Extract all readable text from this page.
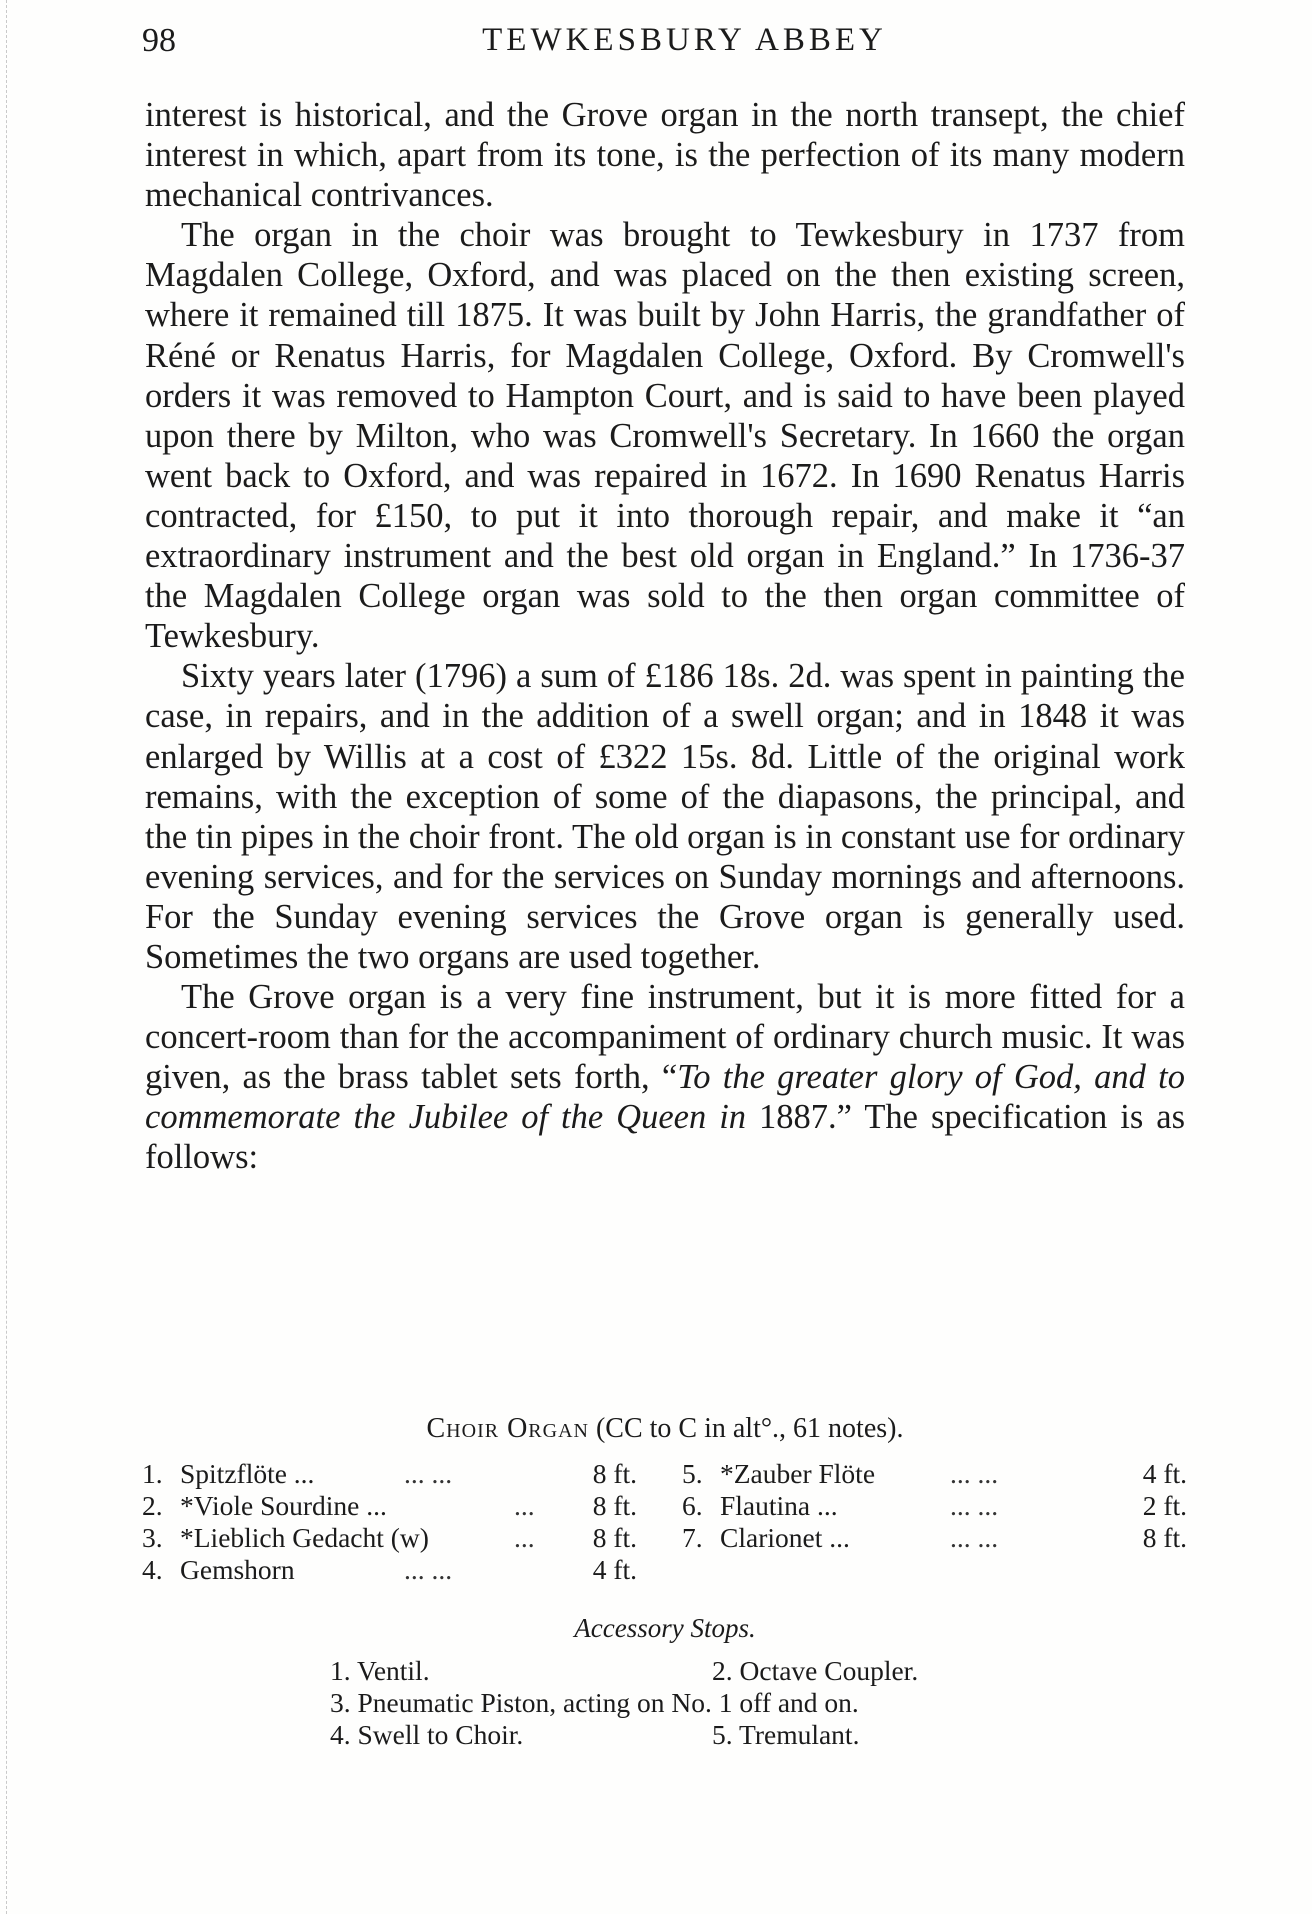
98	TEWKESBURY ABBEY

interest is historical, and the Grove organ in the north transept, the chief interest in which, apart from its tone, is the perfection of its many modern mechanical contrivances.

The organ in the choir was brought to Tewkesbury in 1737 from Magdalen College, Oxford, and was placed on the then existing screen, where it remained till 1875. It was built by John Harris, the grandfather of Réné or Renatus Harris, for Magdalen College, Oxford. By Cromwell's orders it was removed to Hampton Court, and is said to have been played upon there by Milton, who was Cromwell's Secretary. In 1660 the organ went back to Oxford, and was repaired in 1672. In 1690 Renatus Harris contracted, for £150, to put it into thorough repair, and make it “an extraordinary instrument and the best old organ in England.” In 1736-37 the Magdalen College organ was sold to the then organ committee of Tewkesbury.

Sixty years later (1796) a sum of £186 18s. 2d. was spent in painting the case, in repairs, and in the addition of a swell organ; and in 1848 it was enlarged by Willis at a cost of £322 15s. 8d. Little of the original work remains, with the exception of some of the diapasons, the principal, and the tin pipes in the choir front. The old organ is in constant use for ordinary evening services, and for the services on Sunday mornings and afternoons. For the Sunday evening services the Grove organ is generally used. Sometimes the two organs are used together.

The Grove organ is a very fine instrument, but it is more fitted for a concert-room than for the accompaniment of ordinary church music. It was given, as the brass tablet sets forth, “To the greater glory of God, and to commemorate the Jubilee of the Queen in 1887.” The specification is as follows:

Choir Organ (CC to C in alt°., 61 notes).
1. Spitzflöte ...	... ...	8 ft. 5. *Zauber Flöte	... ...	4 ft.
2. *Viole Sourdine ...	... 8 ft. 6. Flautina ...	... ...	2 ft.
3. *Lieblich Gedacht (w)	... 8 ft. 7. Clarionet ...	... ...	8 ft.
4. Gemshorn	... ...	4 ft.
Accessory Stops.
1. Ventil.	2. Octave Coupler.
3. Pneumatic Piston, acting on No. 1 off and on.
4. Swell to Choir.	5. Tremulant.
